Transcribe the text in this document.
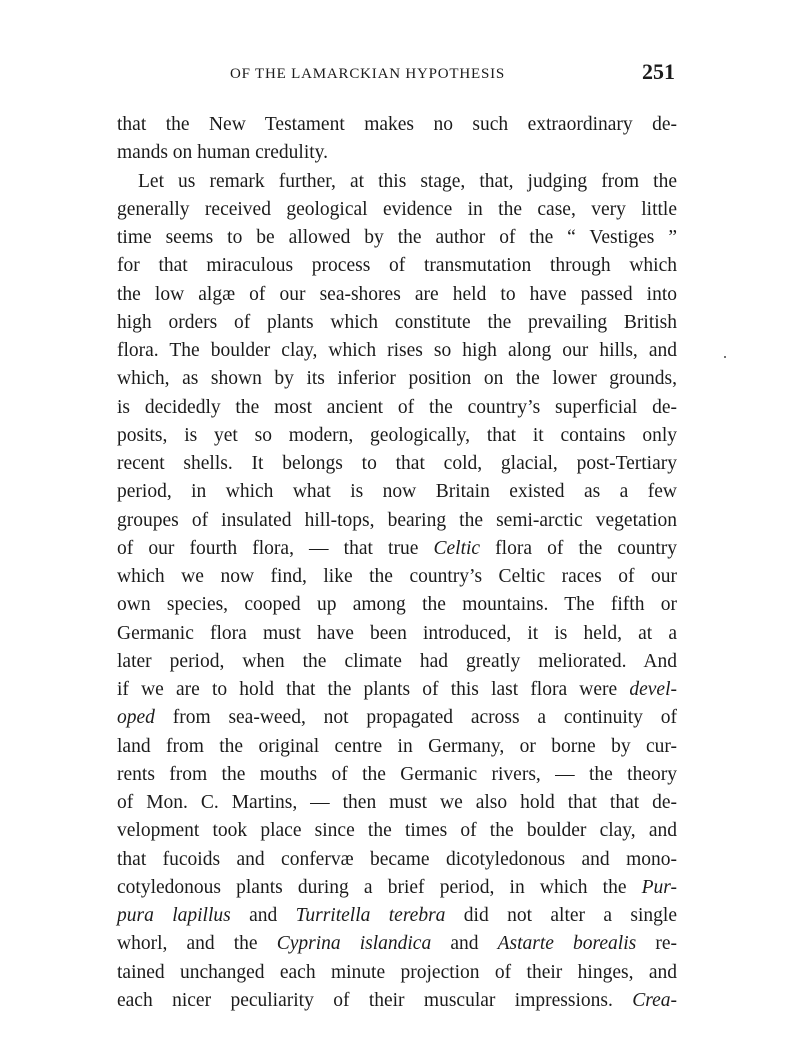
OF THE LAMARCKIAN HYPOTHESIS	251
that the New Testament makes no such extraordinary de-
mands on human credulity.
Let us remark further, at this stage, that, judging from the
generally received geological evidence in the case, very little
time seems to be allowed by the author of the “ Vestiges ”
for that miraculous process of transmutation through which
the low algæ of our sea-shores are held to have passed into
high orders of plants which constitute the prevailing British
flora. The boulder clay, which rises so high along our hills, and
which, as shown by its inferior position on the lower grounds,
is decidedly the most ancient of the country’s superficial de-
posits, is yet so modern, geologically, that it contains only
recent shells. It belongs to that cold, glacial, post-Tertiary
period, in which what is now Britain existed as a few
groupes of insulated hill-tops, bearing the semi-arctic vegetation
of our fourth flora, — that true Celtic flora of the country
which we now find, like the country’s Celtic races of our
own species, cooped up among the mountains. The fifth or
Germanic flora must have been introduced, it is held, at a
later period, when the climate had greatly meliorated. And
if we are to hold that the plants of this last flora were devel-
oped from sea-weed, not propagated across a continuity of
land from the original centre in Germany, or borne by cur-
rents from the mouths of the Germanic rivers, — the theory
of Mon. C. Martins, — then must we also hold that that de-
velopment took place since the times of the boulder clay, and
that fucoids and confervæ became dicotyledonous and mono-
cotyledonous plants during a brief period, in which the Pur-
pura lapillus and Turritella terebra did not alter a single
whorl, and the Cyprina islandica and Astarte borealis re-
tained unchanged each minute projection of their hinges, and
each nicer peculiarity of their muscular impressions. Crea-
